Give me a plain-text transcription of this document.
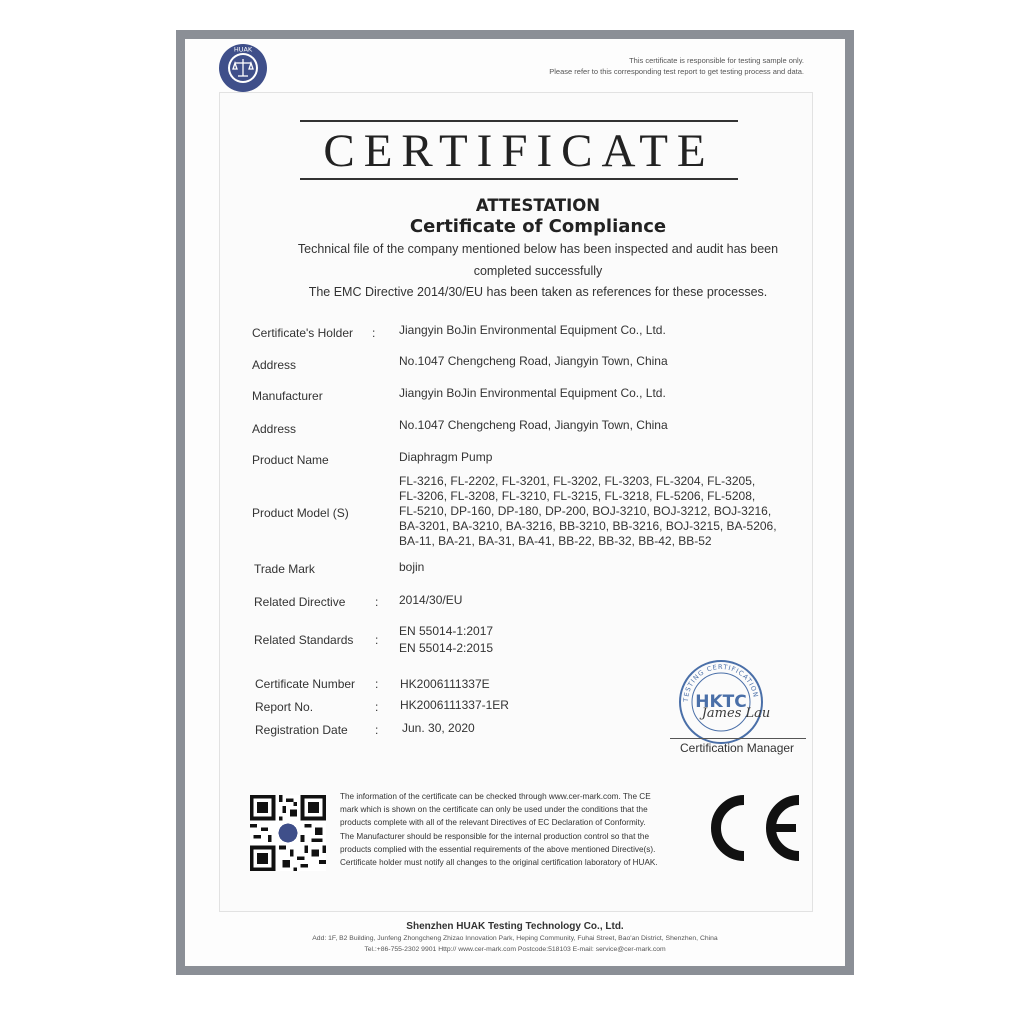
HUAK
This certificate is responsible for testing sample only.
Please refer to this corresponding test report to get testing process and data.
CERTIFICATE
ATTESTATION
Certificate of Compliance
Technical file of the company mentioned below has been inspected and audit has been
completed successfully
The EMC Directive 2014/30/EU has been taken as references for these processes.
Certificate's Holder : Jiangyin BoJin Environmental Equipment Co., Ltd.
Address	No.1047 Chengcheng Road, Jiangyin Town, China
Manufacturer	Jiangyin BoJin Environmental Equipment Co., Ltd.
Address	No.1047 Chengcheng Road, Jiangyin Town, China
Product Name	Diaphragm Pump
Product Model (S)
FL-3216, FL-2202, FL-3201, FL-3202, FL-3203, FL-3204, FL-3205,
FL-3206, FL-3208, FL-3210, FL-3215, FL-3218, FL-5206, FL-5208,
FL-5210, DP-160, DP-180, DP-200, BOJ-3210, BOJ-3212, BOJ-3216,
BA-3201, BA-3210, BA-3216, BB-3210, BB-3216, BOJ-3215, BA-5206,
BA-11, BA-21, BA-31, BA-41, BB-22, BB-32, BB-42, BB-52
Trade Mark	bojin
Related Directive : 2014/30/EU
Related Standards :
EN 55014-1:2017
EN 55014-2:2015
Certificate Number : HK2006111337E
Report No.	: HK2006111337-1ER
Registration Date : Jun. 30, 2020
TESTING CERTIFICATION
HKTC
James Lau
Certification Manager
The information of the certificate can be checked through www.cer-mark.com. The CE
mark which is shown on the certificate can only be used under the conditions that the
products complete with all of the relevant Directives of EC Declaration of Conformity.
The Manufacturer should be responsible for the internal production control so that the
products complied with the essential requirements of the above mentioned Directive(s).
Certificate holder must notify all changes to the original certification laboratory of HUAK.
Shenzhen HUAK Testing Technology Co., Ltd.
Add: 1F, B2 Building, Junfeng Zhongcheng Zhizao Innovation Park, Heping Community, Fuhai Street, Bao'an District, Shenzhen, China
Tel.:+86-755-2302 9901 Http:// www.cer-mark.com Postcode:518103 E-mail: service@cer-mark.com
